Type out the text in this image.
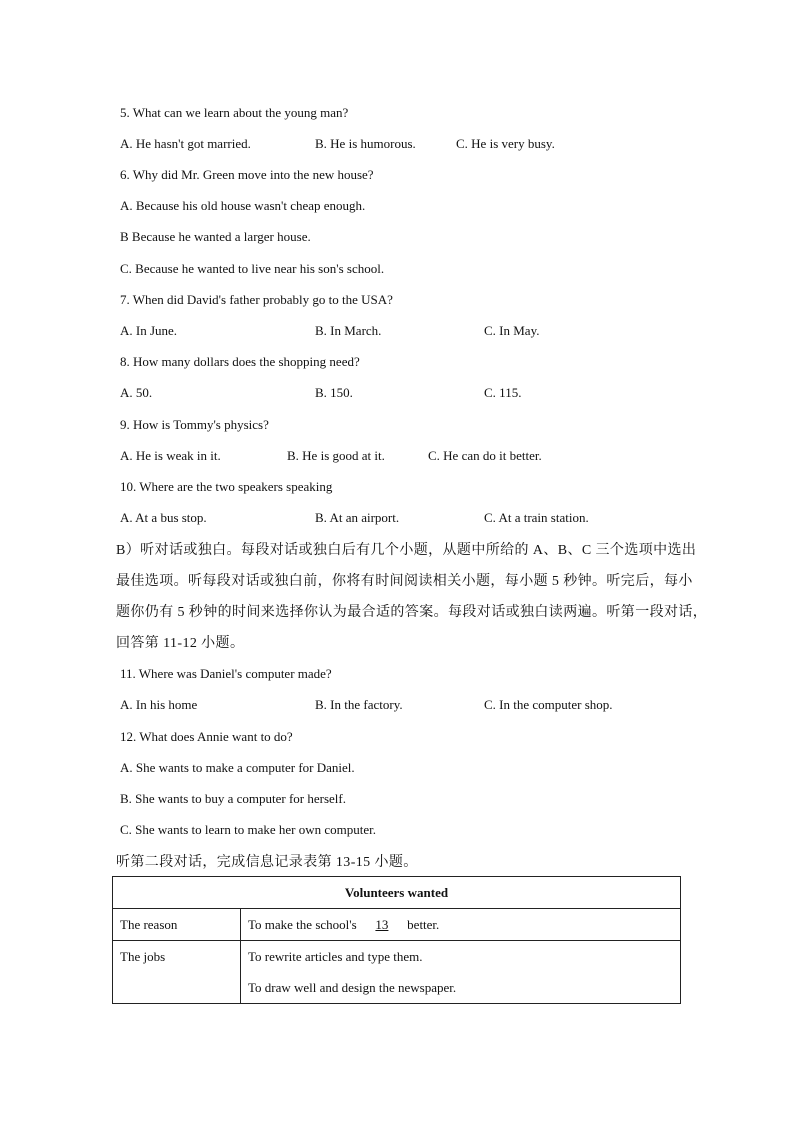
5. What can we learn about the young man?
A. He hasn't got married.	B. He is humorous.	C. He is very busy.
6. Why did Mr. Green move into the new house?
A. Because his old house wasn't cheap enough.
B Because he wanted a larger house.
C. Because he wanted to live near his son's school.
7. When did David's father probably go to the USA?
A. In June.	B. In March.	C. In May.
8. How many dollars does the shopping need?
A. 50.	B. 150.	C. 115.
9. How is Tommy's physics?
A. He is weak in it.	B. He is good at it.	C. He can do it better.
10. Where are the two speakers speaking
A. At a bus stop.	B. At an airport.	C. At a train station.
B）听对话或独白。每段对话或独白后有几个小题，从题中所给的 A、B、C 三个选项中选出
最佳选项。听每段对话或独白前，你将有时间阅读相关小题，每小题 5 秒钟。听完后，每小
题你仍有 5 秒钟的时间来选择你认为最合适的答案。每段对话或独白读两遍。听第一段对话，
回答第 11-12 小题。
11. Where was Daniel's computer made?
A. In his home	B. In the factory.	C. In the computer shop.
12. What does Annie want to do?
A. She wants to make a computer for Daniel.
B. She wants to buy a computer for herself.
C. She wants to learn to make her own computer.
听第二段对话，完成信息记录表第 13-15 小题。
Volunteers wanted	
The reason	To make the school's 13 better.

The jobs	To rewrite articles and type them.
To draw well and design the newspaper.
